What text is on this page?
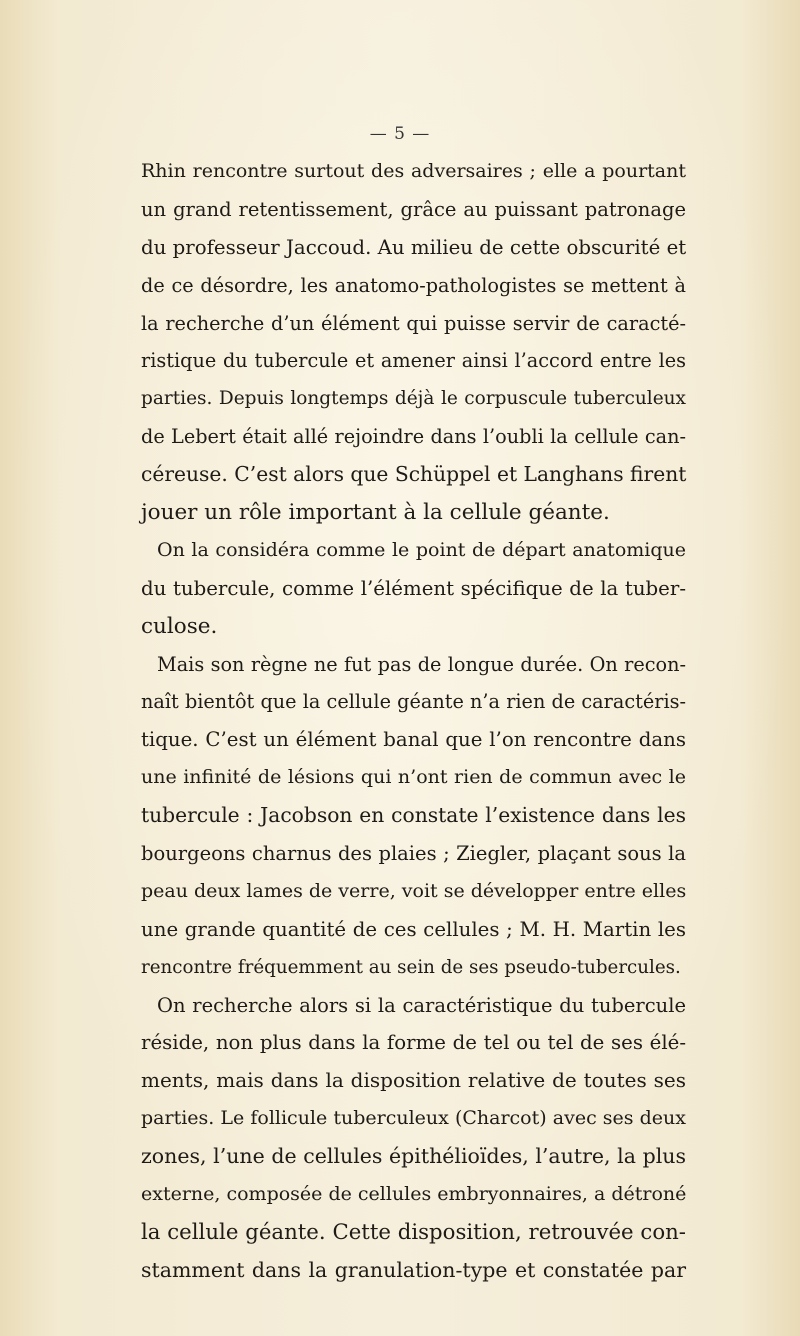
— 5 —
Rhin rencontre surtout des adversaires ; elle a pourtant
un grand retentissement, grâce au puissant patronage
du professeur Jaccoud. Au milieu de cette obscurité et
de ce désordre, les anatomo-pathologistes se mettent à
la recherche d’un élément qui puisse servir de caracté-
ristique du tubercule et amener ainsi l’accord entre les
parties. Depuis longtemps déjà le corpuscule tuberculeux
de Lebert était allé rejoindre dans l’oubli la cellule can-
céreuse. C’est alors que Schüppel et Langhans firent
jouer un rôle important à la cellule géante.
On la considéra comme le point de départ anatomique
du tubercule, comme l’élément spécifique de la tuber-
culose.
Mais son règne ne fut pas de longue durée. On recon-
naît bientôt que la cellule géante n’a rien de caractéris-
tique. C’est un élément banal que l’on rencontre dans
une infinité de lésions qui n’ont rien de commun avec le
tubercule : Jacobson en constate l’existence dans les
bourgeons charnus des plaies ; Ziegler, plaçant sous la
peau deux lames de verre, voit se développer entre elles
une grande quantité de ces cellules ; M. H. Martin les
rencontre fréquemment au sein de ses pseudo-tubercules.
On recherche alors si la caractéristique du tubercule
réside, non plus dans la forme de tel ou tel de ses élé-
ments, mais dans la disposition relative de toutes ses
parties. Le follicule tuberculeux (Charcot) avec ses deux
zones, l’une de cellules épithélioïdes, l’autre, la plus
externe, composée de cellules embryonnaires, a détroné
la cellule géante. Cette disposition, retrouvée con-
stamment dans la granulation-type et constatée par
